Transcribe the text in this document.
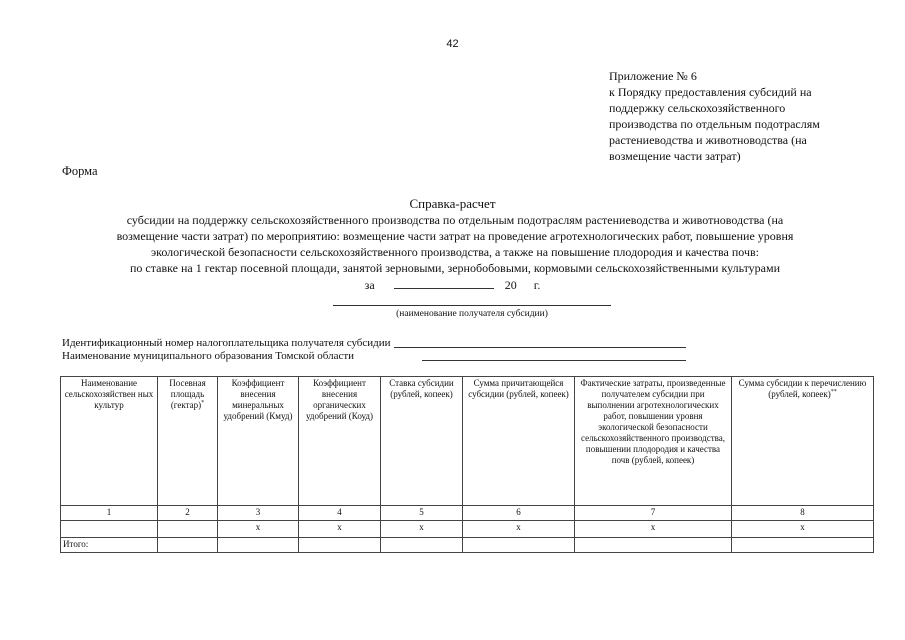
42
Приложение № 6
к Порядку предоставления субсидий на
поддержку сельскохозяйственного
производства по отдельным подотраслям
растениеводства и животноводства (на
возмещение части затрат)
Форма
Справка-расчет
субсидии на поддержку сельскохозяйственного производства по отдельным подотраслям растениеводства и животноводства (на
возмещение части затрат) по мероприятию: возмещение части затрат на проведение агротехнологических работ, повышение уровня
экологической безопасности сельскохозяйственного производства, а также на повышение плодородия и качества почв:
по ставке на 1 гектар посевной площади, занятой зерновыми, зернобобовыми, кормовыми сельскохозяйственными культурами
за	20 г.
(наименование получателя субсидии)
Идентификационный номер налогоплательщика получателя субсидии
Наименование муниципального образования Томской области
Наименование сельскохозяйствен ных культур	Посевная площадь (гектар)*	Коэффициент внесения минеральных удобрений (Кмуд)	Коэффициент внесения органических удобрений (Коуд)	Ставка субсидии (рублей, копеек)	Сумма причитающейся субсидии (рублей, копеек)	Фактические затраты, произведенные получателем субсидии при выполнении агротехнологических работ, повышении уровня экологической безопасности сельскохозяйственного производства, повышении плодородия и качества почв (рублей, копеек)	Сумма субсидии к перечислению (рублей, копеек)**
1	2	3	4	5	6	7	8
		x	x	x	x	x	x
Итого:							
